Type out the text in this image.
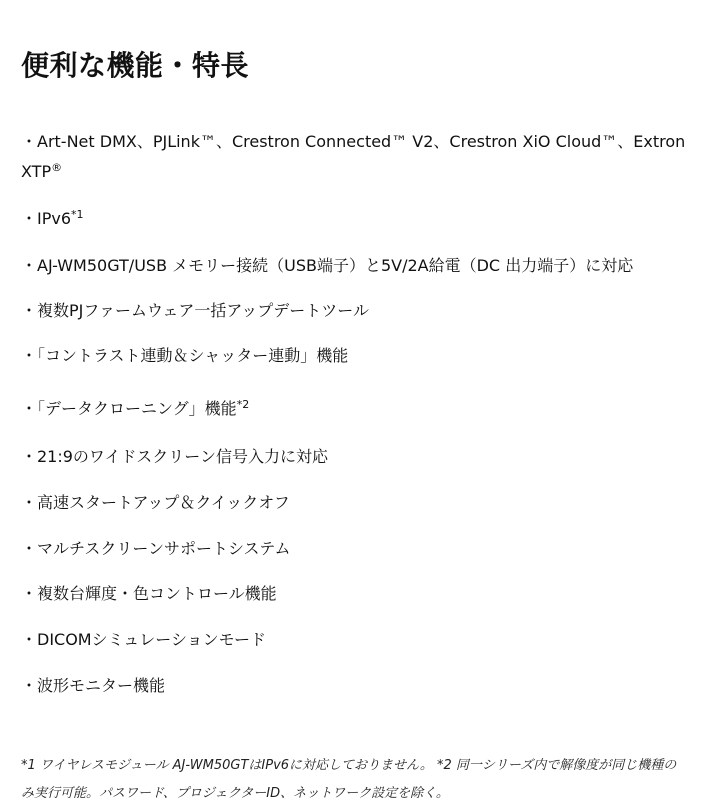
便利な機能・特長
・Art-Net DMX、PJLink™、Crestron Connected™ V2、Crestron XiO Cloud™、Extron XTP®
・IPv6$^{*1}$
・AJ-WM50GT/USB メモリー接続（USB端子）と5V/2A給電（DC 出力端子）に対応
・複数PJファームウェア一括アップデートツール
・「コントラスト連動＆シャッター連動」機能
・「データクローニング」機能$^{*2}$
・21:9のワイドスクリーン信号入力に対応
・高速スタートアップ＆クイックオフ
・マルチスクリーンサポートシステム
・複数台輝度・色コントロール機能
・DICOMシミュレーションモード
・波形モニター機能

*1 ワイヤレスモジュール AJ-WM50GTはIPv6に対応しておりません。 *2 同一シリーズ内で解像度が同じ機種のみ実行可能。パスワード、プロジェクターID、ネットワーク設定を除く。
